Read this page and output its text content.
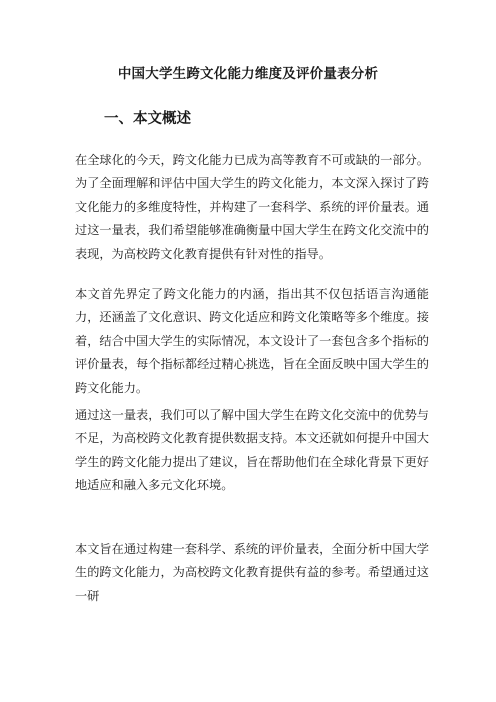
中国大学生跨文化能力维度及评价量表分析
一、本文概述

在全球化的今天，跨文化能力已成为高等教育不可或缺的一部分。为了全面理解和评估中国大学生的跨文化能力，本文深入探讨了跨文化能力的多维度特性，并构建了一套科学、系统的评价量表。通过这一量表，我们希望能够准确衡量中国大学生在跨文化交流中的表现，为高校跨文化教育提供有针对性的指导。

本文首先界定了跨文化能力的内涵，指出其不仅包括语言沟通能力，还涵盖了文化意识、跨文化适应和跨文化策略等多个维度。接着，结合中国大学生的实际情况，本文设计了一套包含多个指标的评价量表，每个指标都经过精心挑选，旨在全面反映中国大学生的跨文化能力。

通过这一量表，我们可以了解中国大学生在跨文化交流中的优势与不足，为高校跨文化教育提供数据支持。本文还就如何提升中国大学生的跨文化能力提出了建议，旨在帮助他们在全球化背景下更好地适应和融入多元文化环境。

本文旨在通过构建一套科学、系统的评价量表，全面分析中国大学生的跨文化能力，为高校跨文化教育提供有益的参考。希望通过这一研
